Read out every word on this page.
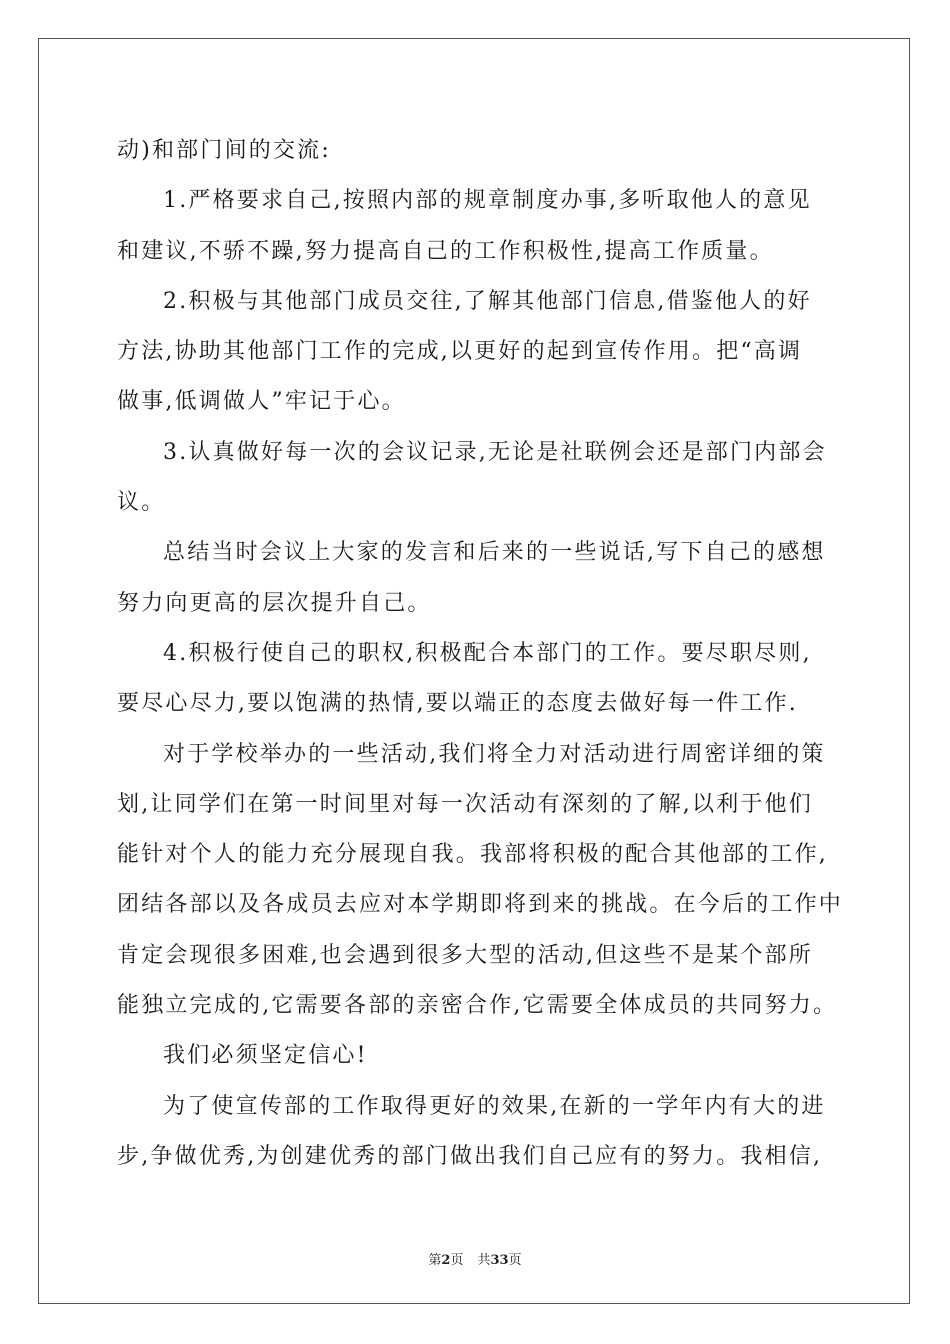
动)和部门间的交流:
1.严格要求自己,按照内部的规章制度办事,多听取他人的意见
和建议,不骄不躁,努力提高自己的工作积极性,提高工作质量。
2.积极与其他部门成员交往,了解其他部门信息,借鉴他人的好
方法,协助其他部门工作的完成,以更好的起到宣传作用。把“高调
做事,低调做人”牢记于心。
3.认真做好每一次的会议记录,无论是社联例会还是部门内部会
议。
总结当时会议上大家的发言和后来的一些说话,写下自己的感想
努力向更高的层次提升自己。
4.积极行使自己的职权,积极配合本部门的工作。要尽职尽则,
要尽心尽力,要以饱满的热情,要以端正的态度去做好每一件工作.
对于学校举办的一些活动,我们将全力对活动进行周密详细的策
划,让同学们在第一时间里对每一次活动有深刻的了解,以利于他们
能针对个人的能力充分展现自我。我部将积极的配合其他部的工作,
团结各部以及各成员去应对本学期即将到来的挑战。在今后的工作中
肯定会现很多困难,也会遇到很多大型的活动,但这些不是某个部所
能独立完成的,它需要各部的亲密合作,它需要全体成员的共同努力。
我们必须坚定信心!
为了使宣传部的工作取得更好的效果,在新的一学年内有大的进
步,争做优秀,为创建优秀的部门做出我们自己应有的努力。我相信,
第2页 共33页
